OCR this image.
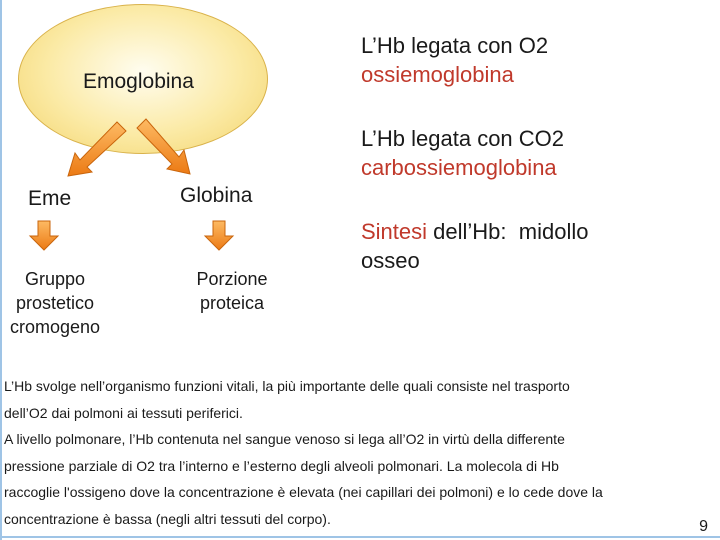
Emoglobina
Eme	Globina
Gruppo
prostetico
cromogeno
Porzione
proteica
L’Hb legata con O2
ossiemoglobina
L’Hb legata con CO2
carbossiemoglobina
Sintesi dell’Hb:  midollo
osseo

L’Hb svolge nell’organismo funzioni vitali, la più importante delle quali consiste nel trasporto

dell’O2 dai polmoni ai tessuti periferici.

A livello polmonare, l’Hb contenuta nel sangue venoso si lega all’O2 in virtù della differente

pressione parziale di O2 tra l’interno e l’esterno degli alveoli polmonari. La molecola di Hb

raccoglie l'ossigeno dove la concentrazione è elevata (nei capillari dei polmoni) e lo cede dove la

concentrazione è bassa (negli altri tessuti del corpo).	9
